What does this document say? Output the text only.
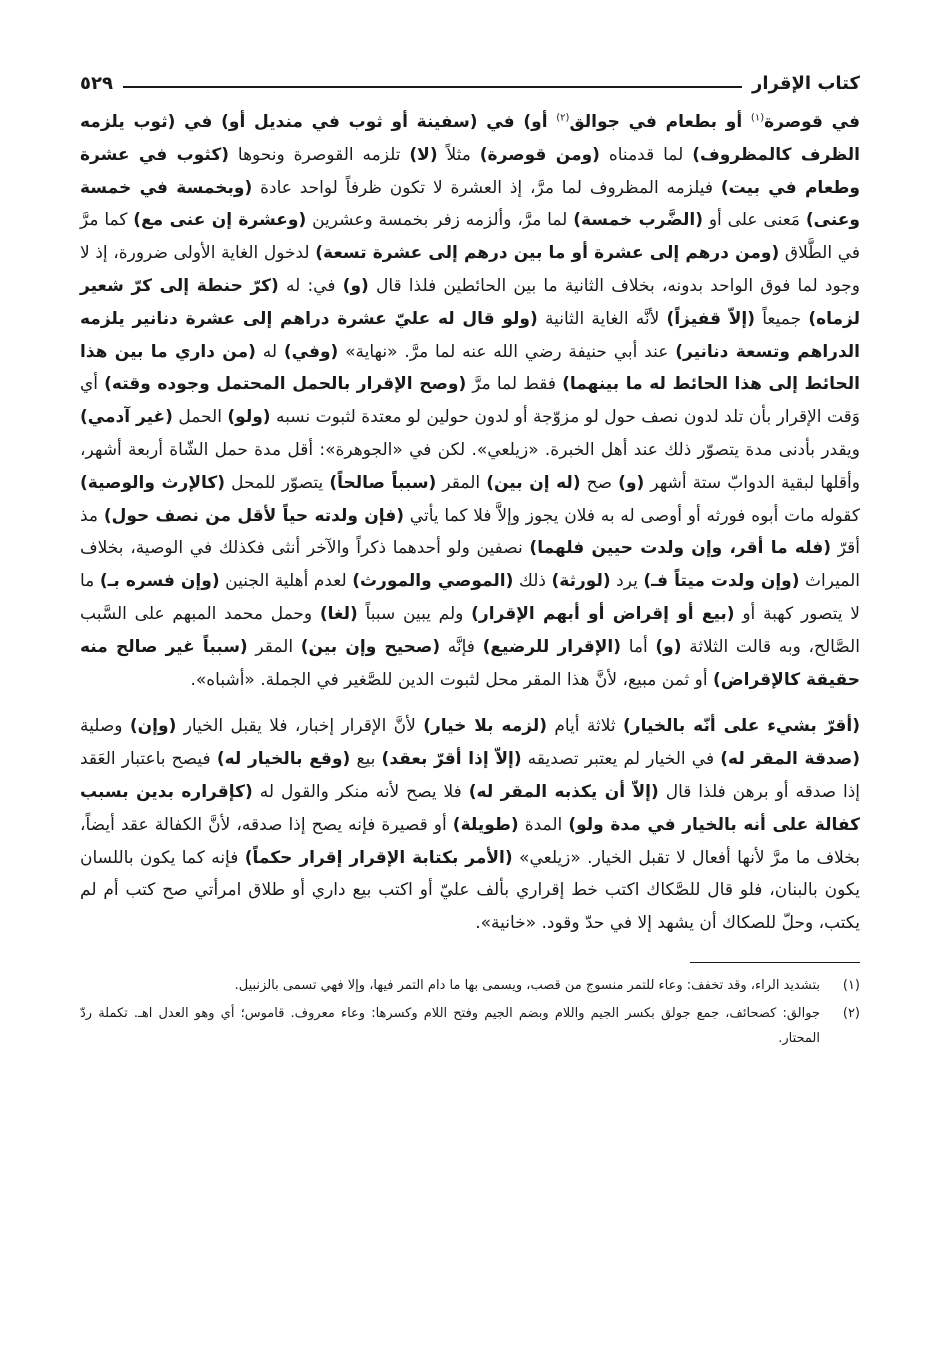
كتاب الإقرار
٥٢٩

في قوصرة$^{(١)}$ أو بطعام في جوالق$^{(٢)}$ أو) في (سفينة أو ثوب في منديل أو) في (ثوب يلزمه الظرف كالمظروف) لما قدمناه (ومن قوصرة) مثلاً (لا) تلزمه القوصرة ونحوها (كثوب في عشرة وطعام في بيت) فيلزمه المظروف لما مرَّ، إذ العشرة لا تكون ظرفاً لواحد عادة (وبخمسة في خمسة وعنى) مَعنى على أو (الضَّرب خمسة) لما مرَّ، وألزمه زفر بخمسة وعشرين (وعشرة إن عنى مع) كما مرَّ في الطَّلاق (ومن درهم إلى عشرة أو ما بين درهم إلى عشرة تسعة) لدخول الغاية الأولى ضرورة، إذ لا وجود لما فوق الواحد بدونه، بخلاف الثانية ما بين الحائطين فلذا قال (و) في: له (كرّ حنطة إلى كرّ شعير لزماه) جميعاً (إلاّ قفيزاً) لأنَّه الغاية الثانية (ولو قال له عليّ عشرة دراهم إلى عشرة دنانير يلزمه الدراهم وتسعة دنانير) عند أبي حنيفة رضي الله عنه لما مرَّ. «نهاية» (وفي) له (من داري ما بين هذا الحائط إلى هذا الحائط له ما بينهما) فقط لما مرَّ (وصح الإقرار بالحمل المحتمل وجوده وقته) أي وَقت الإقرار بأن تلد لدون نصف حول لو مزوّجة أو لدون حولين لو معتدة لثبوت نسبه (ولو) الحمل (غير آدمي) ويقدر بأدنى مدة يتصوّر ذلك عند أهل الخبرة. «زيلعي». لكن في «الجوهرة»: أقل مدة حمل الشّاة أربعة أشهر، وأقلها لبقية الدوابّ ستة أشهر (و) صح (له إن بين) المقر (سبباً صالحاً) يتصوّر للمحل (كالإرث والوصية) كقوله مات أبوه فورثه أو أوصى له به فلان يجوز وإلاَّ فلا كما يأتي (فإن ولدته حياً لأقل من نصف حول) مذ أقرّ (فله ما أقر، وإن ولدت حيين فلهما) نصفين ولو أحدهما ذكراً والآخر أنثى فكذلك في الوصية، بخلاف الميراث (وإن ولدت ميتاً فـ) يرد (لورثة) ذلك (الموصي والمورث) لعدم أهلية الجنين (وإن فسره بـ) ما لا يتصور كهبة أو (بيع أو إقراض أو أبهم الإقرار) ولم يبين سبباً (لغا) وحمل محمد المبهم على السَّبب الصَّالح، وبه قالت الثلاثة (و) أما (الإقرار للرضيع) فإنَّه (صحيح وإن بين) المقر (سبباً غير صالح منه حقيقة كالإقراض) أو ثمن مبيع، لأنَّ هذا المقر محل لثبوت الدين للصَّغير في الجملة. «أشباه».

(أقرّ بشيء على أنّه بالخيار) ثلاثة أيام (لزمه بلا خيار) لأنَّ الإقرار إخبار، فلا يقبل الخيار (وإن) وصلية (صدقة المقر له) في الخيار لم يعتبر تصديقه (إلاّ إذا أقرّ بعقد) بيع (وقع بالخيار له) فيصح باعتبار العَقد إذا صدقه أو برهن فلذا قال (إلاّ أن يكذبه المقر له) فلا يصح لأنه منكر والقول له (كإقراره بدين بسبب كفالة على أنه بالخيار في مدة ولو) المدة (طويلة) أو قصيرة فإنه يصح إذا صدقه، لأنَّ الكفالة عقد أيضاً، بخلاف ما مرَّ لأنها أفعال لا تقبل الخيار. «زيلعي» (الأمر بكتابة الإقرار إقرار حكماً) فإنه كما يكون باللسان يكون بالبنان، فلو قال للصَّكاك اكتب خط إقراري بألف عليّ أو اكتب بيع داري أو طلاق امرأتي صح كتب أم لم يكتب، وحلّ للصكاك أن يشهد إلا في حدّ وقود. «خانية».

(١)
بتشديد الراء، وقد تخفف: وعاء للتمر منسوج من قصب، ويسمى بها ما دام التمر فيها، وإلا فهي تسمى بالزنبيل.
(٢)
جوالق: كصحائف، جمع جولق بكسر الجيم واللام وبضم الجيم وفتح اللام وكسرها: وعاء معروف. قاموس؛ أي وهو العدل اهـ. تكملة ردّ المحتار.
